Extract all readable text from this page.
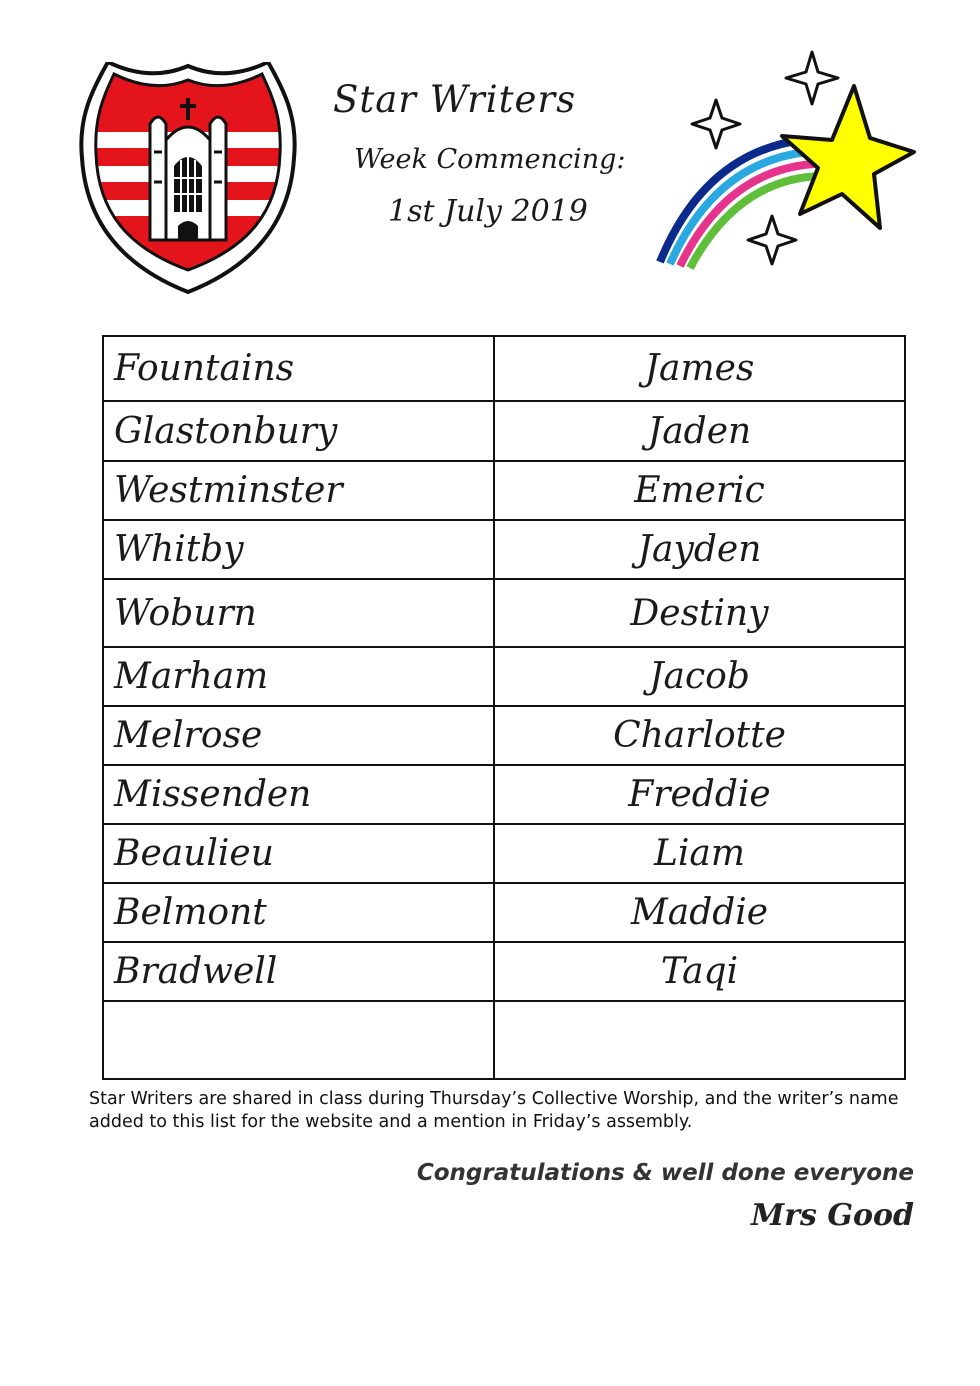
Star Writers
Week Commencing:
1st July 2019
Fountains	James
Glastonbury	Jaden
Westminster	Emeric
Whitby	Jayden
Woburn	Destiny
Marham	Jacob
Melrose	Charlotte
Missenden	Freddie
Beaulieu	Liam
Belmont	Maddie
Bradwell	Taqi

Star Writers are shared in class during Thursday’s Collective Worship, and the writer’s name added to this list for the website and a mention in Friday’s assembly.
Congratulations & well done everyone
Mrs Good
